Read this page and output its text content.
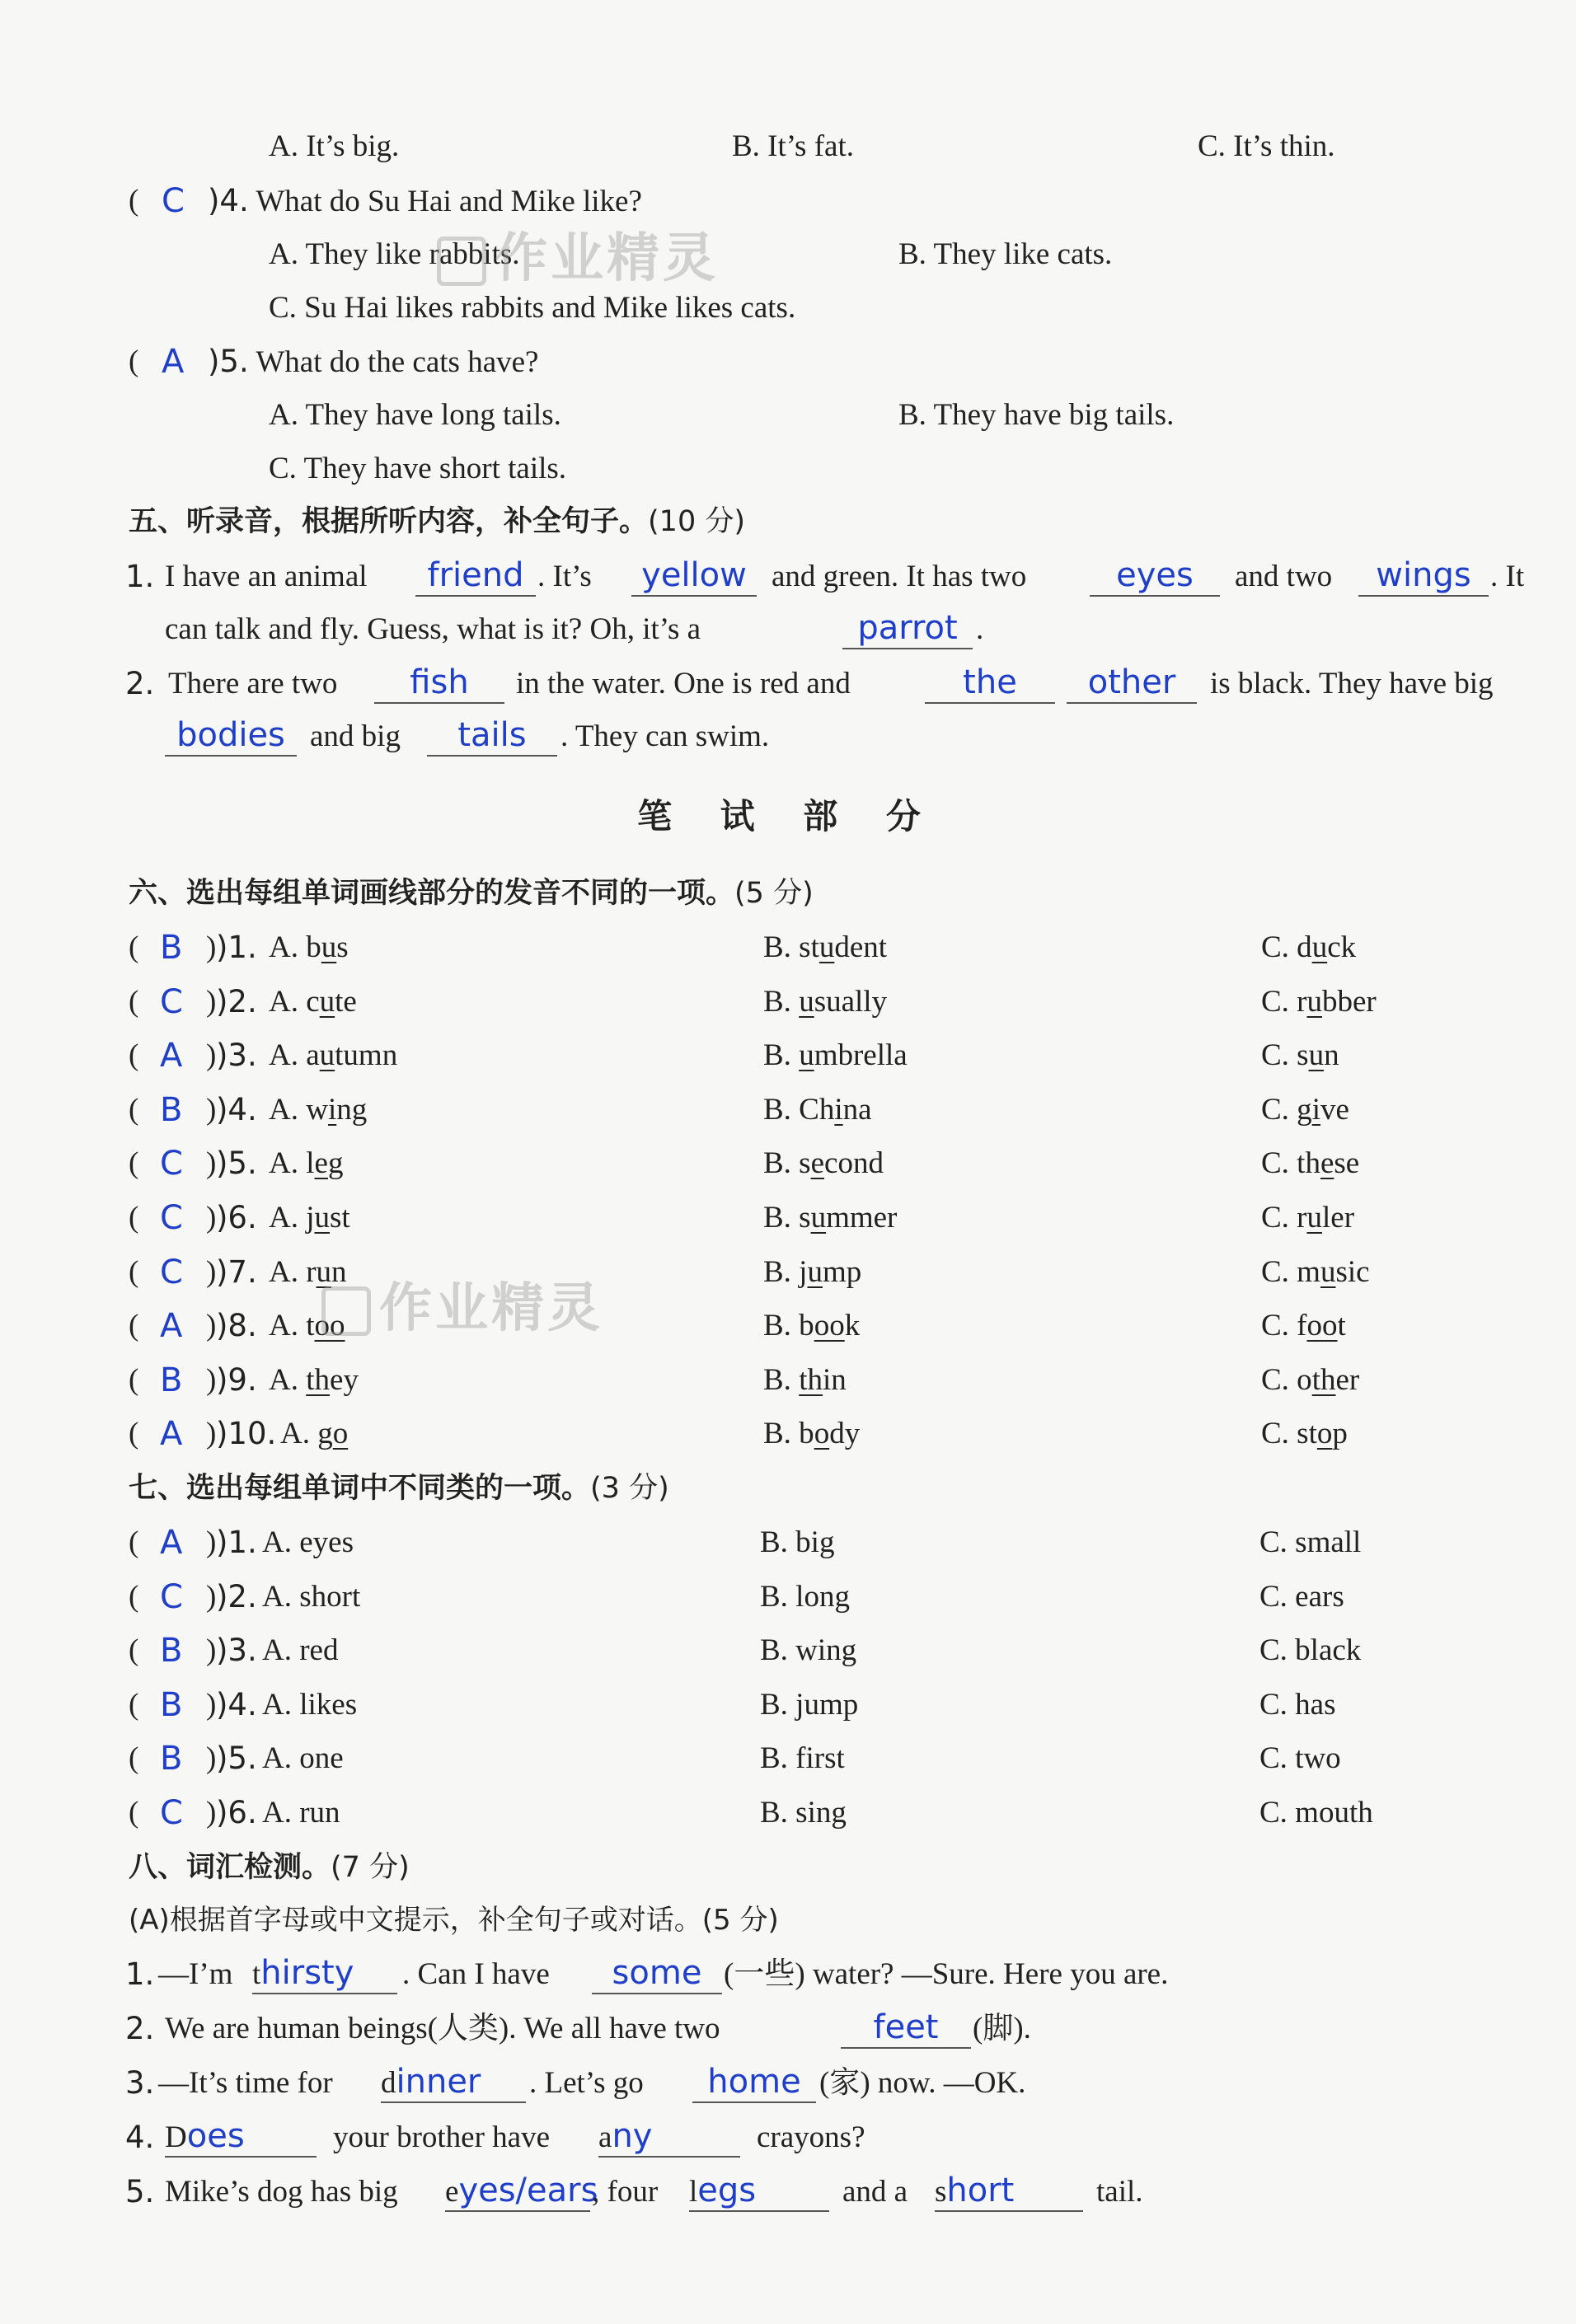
A. It’s big.	B. It’s fat.	C. It’s thin.
( C )4. What do Su Hai and Mike like?
A. They like rabbits.	B. They like cats.
C. Su Hai likes rabbits and Mike likes cats.
( A )5. What do the cats have?
A. They have long tails.	B. They have big tails.
C. They have short tails.
五、听录音，根据所听内容，补全句子。(10 分)
1. I have an animal	friend . It’s	yellow and green. It has two	eyes	and two	wings . It
can talk and fly. Guess, what is it? Oh, it’s a	parrot .
2. There are two	fish	in the water. One is red and	the	other	is black. They have big
bodies and big	tails	. They can swim.
笔 试 部 分
六、选出每组单词画线部分的发音不同的一项。(5 分)
( B ) )1. A. bus	B. student	C. duck
( C ) )2. A. cute	B. usually	C. rubber
( A ) )3. A. autumn	B. umbrella	C. sun
( B ) )4. A. wing	B. China	C. give
( C ) )5. A. leg	B. second	C. these
( C ) )6. A. just	B. summer	C. ruler
( C ) )7. A. run	B. jump	C. music
( A ) )8. A. too	B. book	C. foot
( B ) )9. A. they	B. thin	C. other
( A ) )10. A. go	B. body	C. stop
七、选出每组单词中不同类的一项。(3 分)
( A ) )1. A. eyes	B. big	C. small
( C ) )2. A. short	B. long	C. ears
( B ) )3. A. red	B. wing	C. black
( B ) )4. A. likes	B. jump	C. has
( B ) )5. A. one	B. first	C. two
( C ) )6. A. run	B. sing	C. mouth
八、词汇检测。(7 分)
(A)根据首字母或中文提示，补全句子或对话。(5 分)
1. —I’m thirsty	. Can I have	some (一些) water? —Sure. Here you are.
2. We are human beings(人类). We all have two	feet	(脚).
3. —It’s time for dinner	. Let’s go	home (家) now. —OK.
4. Does	your brother have any	crayons?
5. Mike’s dog has big eyes/ears
, four legs	and a short	tail.
作业精灵
作业精灵
